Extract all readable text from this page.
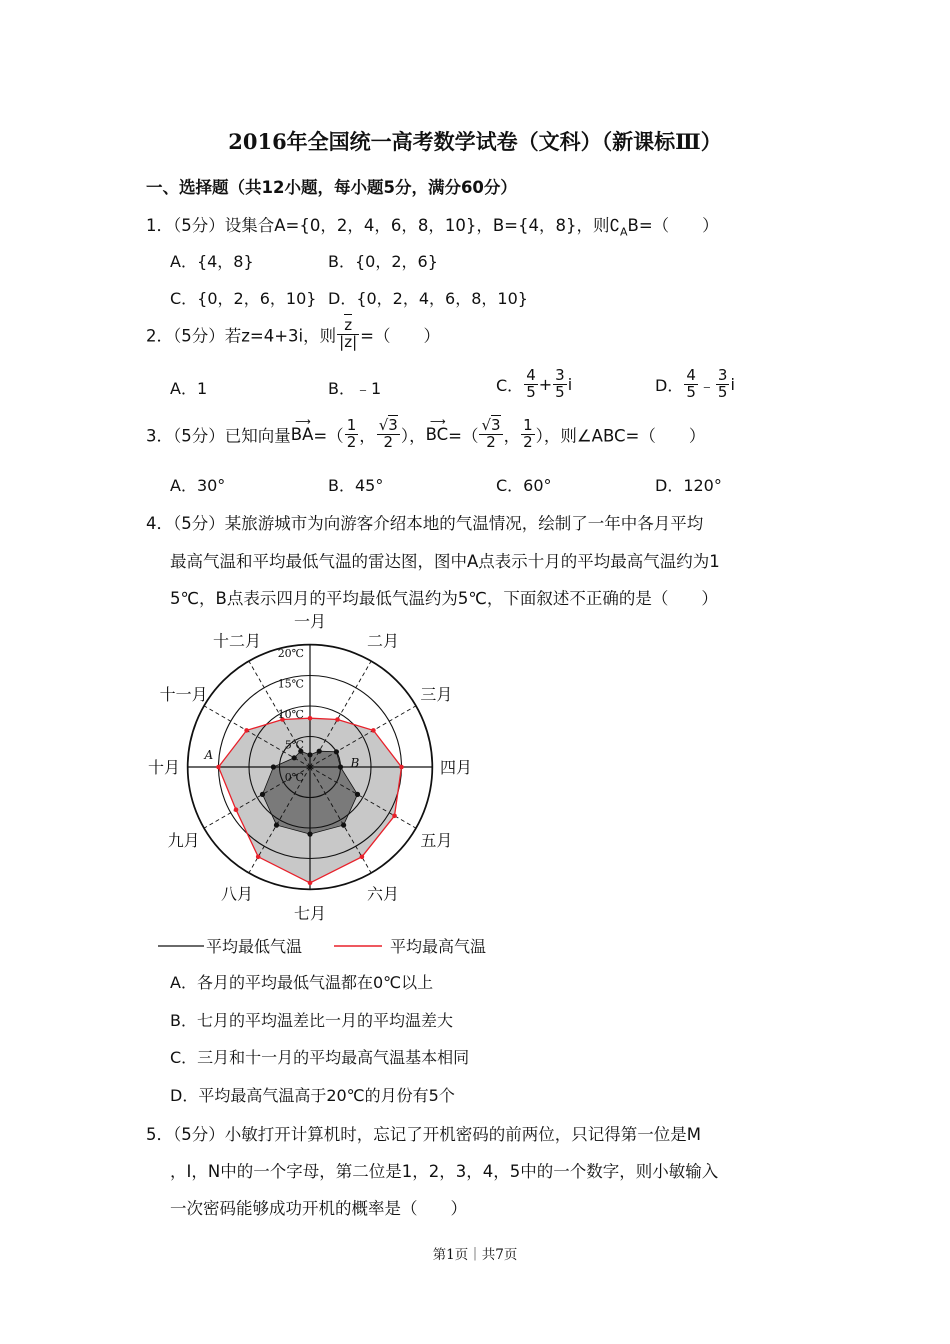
2016年全国统一高考数学试卷（文科）（新课标Ⅲ）
一、选择题（共12小题，每小题5分，满分60分）
1．（5分）设集合A={0，2，4，6，8，10}，B={4，8}，则$∁_AB=$（　　）
A．{4，8}	B．{0，2，6}
C．{0，2，6，10} D．{0，2，4，6，8，10}
2．（5分）若z=4+3i，则 $\frac{z}{|z|}$ =（　　）
A．1	B．﹣1	C． $\frac{4}{5} + \frac{3}{5}$ i	D． $\frac{4}{5}$ ﹣ $\frac{3}{5}$ i
3．（5分）已知向量
⟶
$BA=( \frac{1}{2}$ ， $\frac{√3}{2}$ ），
⟶
$BC=( \frac{√3}{2}$ ， $\frac{1}{2}$ ），则∠ABC=（　　）
A．30°	B．45°	C．60°	D．120°
4．（5分）某旅游城市为向游客介绍本地的气温情况，绘制了一年中各月平均
最高气温和平均最低气温的雷达图，图中A点表示十月的平均最高气温约为1
5℃，B点表示四月的平均最低气温约为5℃，下面叙述不正确的是（　　）
0℃
5℃
10℃
15℃
20℃
一月
二月
三月
四月
五月
六月
七月
八月
九月
十月
十一月
十二月
A
B
平均最低气温	平均最高气温
A．各月的平均最低气温都在0℃以上
B．七月的平均温差比一月的平均温差大
C．三月和十一月的平均最高气温基本相同
D．平均最高气温高于20℃的月份有5个
5．（5分）小敏打开计算机时，忘记了开机密码的前两位，只记得第一位是M
，I，N中的一个字母，第二位是1，2，3，4，5中的一个数字，则小敏输入
一次密码能够成功开机的概率是（　　）
第1页｜共7页
